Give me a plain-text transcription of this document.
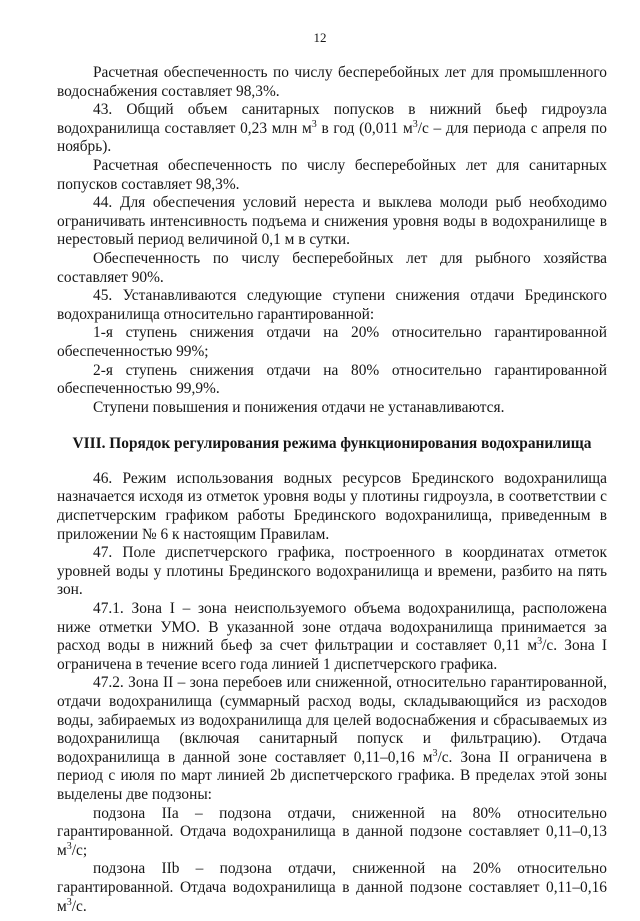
12

Расчетная обеспеченность по числу бесперебойных лет для промышленного водоснабжения составляет 98,3%.

43. Общий объем санитарных попусков в нижний бьеф гидроузла водохранилища составляет 0,23 млн $м^3$ в год (0,011 $м^3/с$ – для периода с апреля по ноябрь).

Расчетная обеспеченность по числу бесперебойных лет для санитарных попусков составляет 98,3%.

44. Для обеспечения условий нереста и выклева молоди рыб необходимо ограничивать интенсивность подъема и снижения уровня воды в водохранилище в нерестовый период величиной 0,1 м в сутки.

Обеспеченность по числу бесперебойных лет для рыбного хозяйства составляет 90%.

45. Устанавливаются следующие ступени снижения отдачи Брединского водохранилища относительно гарантированной:

1-я ступень снижения отдачи на 20% относительно гарантированной обеспеченностью 99%;

2-я ступень снижения отдачи на 80% относительно гарантированной обеспеченностью 99,9%.

Ступени повышения и понижения отдачи не устанавливаются.

VIII. Порядок регулирования режима функционирования водохранилища

46. Режим использования водных ресурсов Брединского водохранилища назначается исходя из отметок уровня воды у плотины гидроузла, в соответствии с диспетчерским графиком работы Брединского водохранилища, приведенным в приложении № 6 к настоящим Правилам.

47. Поле диспетчерского графика, построенного в координатах отметок уровней воды у плотины Брединского водохранилища и времени, разбито на пять зон.

47.1. Зона I – зона неиспользуемого объема водохранилища, расположена ниже отметки УМО. В указанной зоне отдача водохранилища принимается за расход воды в нижний бьеф за счет фильтрации и составляет 0,11 $м^3/с$. Зона I ограничена в течение всего года линией 1 диспетчерского графика.

47.2. Зона II – зона перебоев или сниженной, относительно гарантированной, отдачи водохранилища (суммарный расход воды, складывающийся из расходов воды, забираемых из водохранилища для целей водоснабжения и сбрасываемых из водохранилища (включая санитарный попуск и фильтрацию). Отдача водохранилища в данной зоне составляет 0,11–0,16 $м^3/с$. Зона II ограничена в период с июля по март линией 2b диспетчерского графика. В пределах этой зоны выделены две подзоны:

подзона IIa – подзона отдачи, сниженной на 80% относительно гарантированной. Отдача водохранилища в данной подзоне составляет 0,11–0,13 $м^3/с$;

подзона IIb – подзона отдачи, сниженной на 20% относительно гарантированной. Отдача водохранилища в данной подзоне составляет 0,11–0,16 $м^3/с$.
